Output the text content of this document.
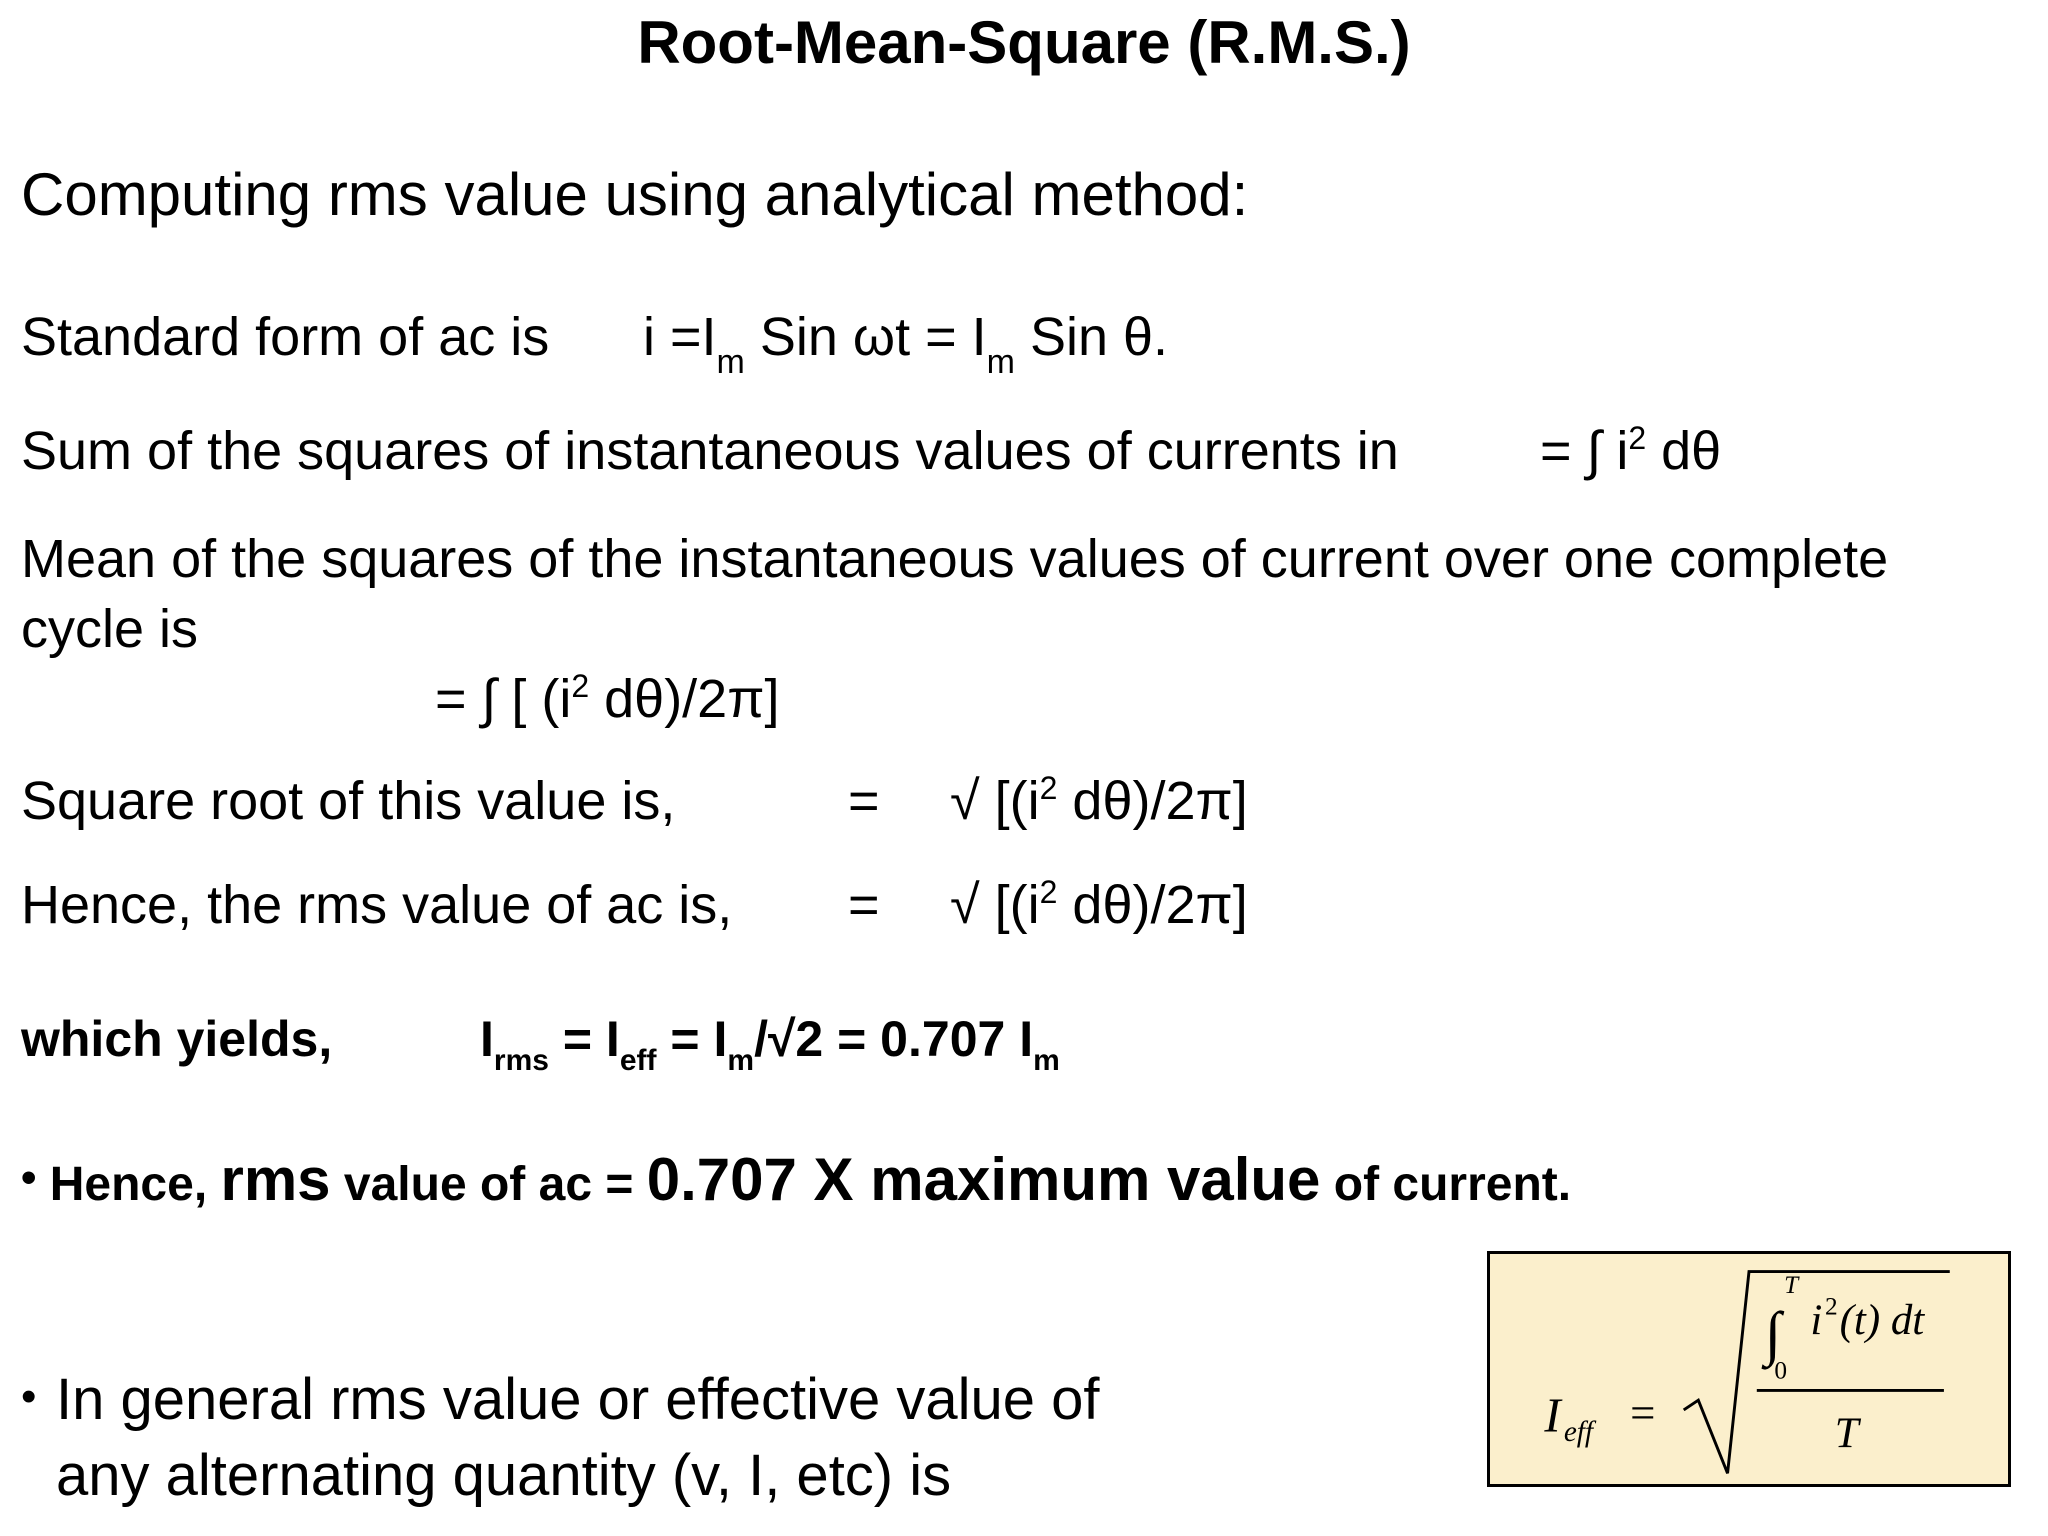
Root-Mean-Square (R.M.S.)
Computing rms value using analytical method:
Standard form of ac is $i =I_m$ Sin $\omega t = I_m$ Sin θ.
Sum of the squares of instantaneous values of currents in	= ∫ $i^2$ dθ
Mean of the squares of the instantaneous values of current over one complete
cycle is
= ∫ [ ($i^2$ dθ)/2π]
Square root of this value is,	= √ [($i^2$ dθ)/2π]
Hence, the rms value of ac is, = √ [($i^2$ dθ)/2π]
which yields,	$I_{rms} = I_{eff} = I_m/√2 = 0.707$ $I_m$
• Hence, rms value of ac = 0.707 X maximum value of current.
• In general rms value or effective value of
any alternating quantity (v, I, etc) is
I eff =
∫
T
0
i 2 (t) dt
T
